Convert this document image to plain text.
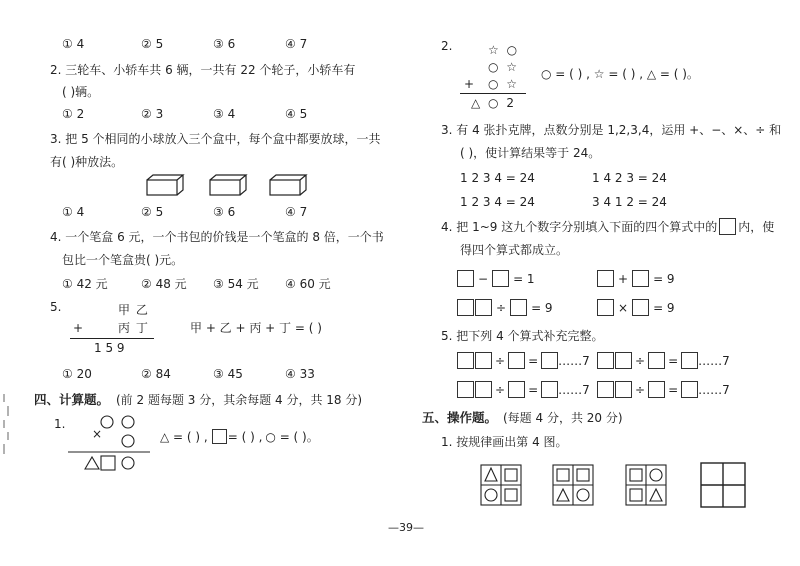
① 4	② 5	③ 6	④ 7
2. 三轮车、小轿车共 6 辆，一共有 22 个轮子，小轿车有
( )辆。
① 2	② 3	③ 4	④ 5
3. 把 5 个相同的小球放入三个盒中，每个盒中都要放球，一共
有( )种放法。
① 4	② 5	③ 6	④ 7
4. 一个笔盒 6 元，一个书包的价钱是一个笔盒的 8 倍，一个书
包比一个笔盒贵( )元。
① 42 元	② 48 元 ③ 54 元 ④ 60 元
5.	甲 乙
+	丙 丁
1 5 9
甲 + 乙 + 丙 + 丁 = ( )
① 20	② 84	③ 45	④ 33
四、计算题。 (前 2 题每题 3 分，其余每题 4 分，共 18 分)
1.
×	△ = ( ) , = ( ) , ○ = ( )。
2.	☆ ○
○ ☆
+ ○ ☆
△ ○ 2
○ = ( ) , ☆ = ( ) , △ = ( )。
3. 有 4 张扑克牌，点数分别是 1,2,3,4，运用 +、−、×、÷ 和
( )，使计算结果等于 24。
1 2 3 4 = 24	1 4 2 3 = 24
1 2 3 4 = 24	3 4 1 2 = 24
4. 把 1~9 这九个数字分别填入下面的四个算式中的 内，使
得四个算式都成立。
− = 1	+ = 9
÷ = 9	× = 9
5. 把下列 4 个算式补充完整。
÷ = ……7	÷ = ……7
÷ = ……7	÷ = ……7
五、操作题。 (每题 4 分，共 20 分)
1. 按规律画出第 4 图。
—39—
